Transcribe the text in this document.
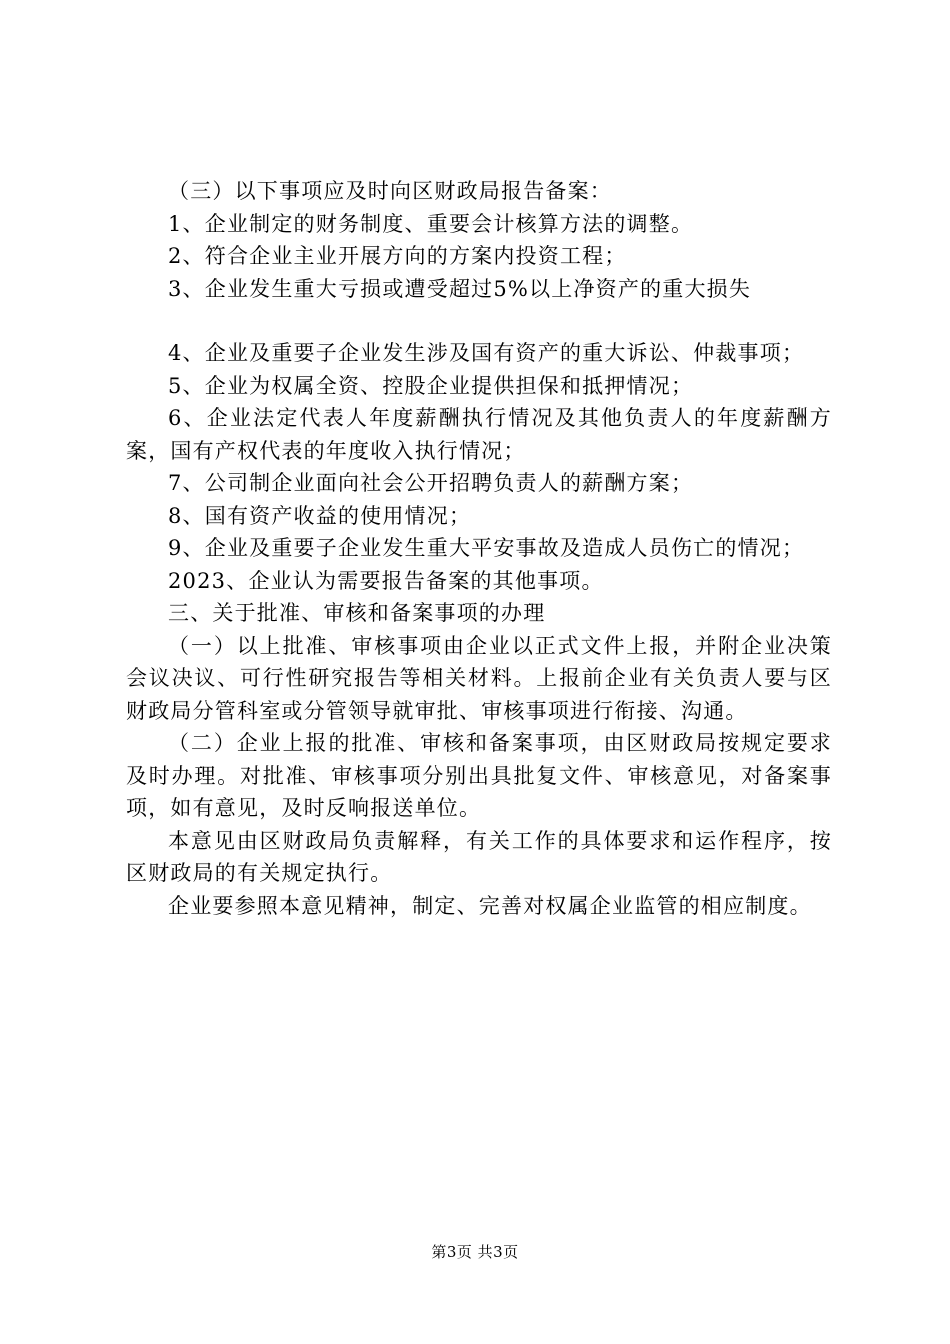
（三）以下事项应及时向区财政局报告备案：

1、企业制定的财务制度、重要会计核算方法的调整。

2、符合企业主业开展方向的方案内投资工程；

3、企业发生重大亏损或遭受超过5%以上净资产的重大损失

4、企业及重要子企业发生涉及国有资产的重大诉讼、仲裁事项；

5、企业为权属全资、控股企业提供担保和抵押情况；

6、企业法定代表人年度薪酬执行情况及其他负责人的年度薪酬方案，国有产权代表的年度收入执行情况；

7、公司制企业面向社会公开招聘负责人的薪酬方案；

8、国有资产收益的使用情况；

9、企业及重要子企业发生重大平安事故及造成人员伤亡的情况；

2023、企业认为需要报告备案的其他事项。

三、关于批准、审核和备案事项的办理

（一）以上批准、审核事项由企业以正式文件上报，并附企业决策会议决议、可行性研究报告等相关材料。上报前企业有关负责人要与区财政局分管科室或分管领导就审批、审核事项进行衔接、沟通。

（二）企业上报的批准、审核和备案事项，由区财政局按规定要求及时办理。对批准、审核事项分别出具批复文件、审核意见，对备案事项，如有意见，及时反响报送单位。

本意见由区财政局负责解释，有关工作的具体要求和运作程序，按区财政局的有关规定执行。

企业要参照本意见精神，制定、完善对权属企业监管的相应制度。

第3页 共3页
